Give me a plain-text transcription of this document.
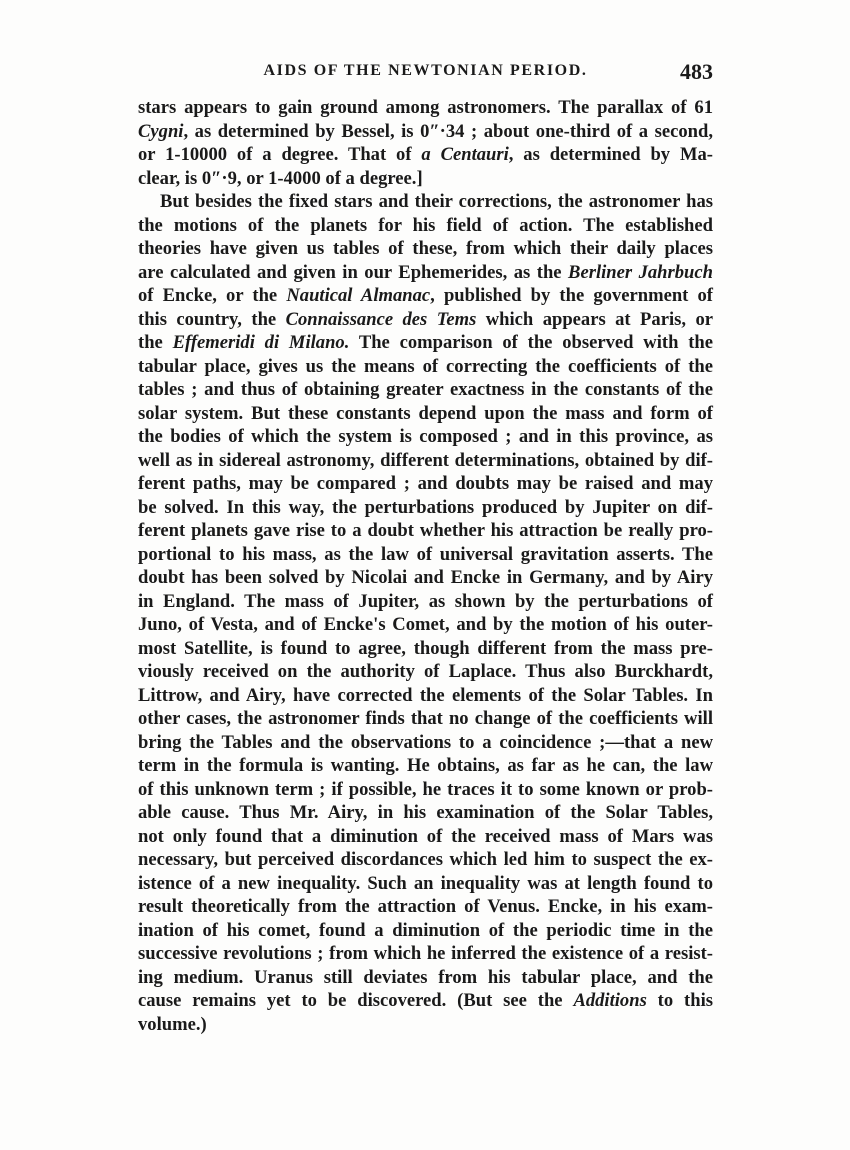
AIDS OF THE NEWTONIAN PERIOD.	483
stars appears to gain ground among astronomers. The parallax of 61
Cygni, as determined by Bessel, is 0″·34 ; about one-third of a second,
or 1-10000 of a degree. That of a Centauri, as determined by Ma-
clear, is 0″·9, or 1-4000 of a degree.]
But besides the fixed stars and their corrections, the astronomer has
the motions of the planets for his field of action. The established
theories have given us tables of these, from which their daily places
are calculated and given in our Ephemerides, as the Berliner Jahrbuch
of Encke, or the Nautical Almanac, published by the government of
this country, the Connaissance des Tems which appears at Paris, or
the Effemeridi di Milano. The comparison of the observed with the
tabular place, gives us the means of correcting the coefficients of the
tables ; and thus of obtaining greater exactness in the constants of the
solar system. But these constants depend upon the mass and form of
the bodies of which the system is composed ; and in this province, as
well as in sidereal astronomy, different determinations, obtained by dif-
ferent paths, may be compared ; and doubts may be raised and may
be solved. In this way, the perturbations produced by Jupiter on dif-
ferent planets gave rise to a doubt whether his attraction be really pro-
portional to his mass, as the law of universal gravitation asserts. The
doubt has been solved by Nicolai and Encke in Germany, and by Airy
in England. The mass of Jupiter, as shown by the perturbations of
Juno, of Vesta, and of Encke's Comet, and by the motion of his outer-
most Satellite, is found to agree, though different from the mass pre-
viously received on the authority of Laplace. Thus also Burckhardt,
Littrow, and Airy, have corrected the elements of the Solar Tables. In
other cases, the astronomer finds that no change of the coefficients will
bring the Tables and the observations to a coincidence ;—that a new
term in the formula is wanting. He obtains, as far as he can, the law
of this unknown term ; if possible, he traces it to some known or prob-
able cause. Thus Mr. Airy, in his examination of the Solar Tables,
not only found that a diminution of the received mass of Mars was
necessary, but perceived discordances which led him to suspect the ex-
istence of a new inequality. Such an inequality was at length found to
result theoretically from the attraction of Venus. Encke, in his exam-
ination of his comet, found a diminution of the periodic time in the
successive revolutions ; from which he inferred the existence of a resist-
ing medium. Uranus still deviates from his tabular place, and the
cause remains yet to be discovered. (But see the Additions to this
volume.)
